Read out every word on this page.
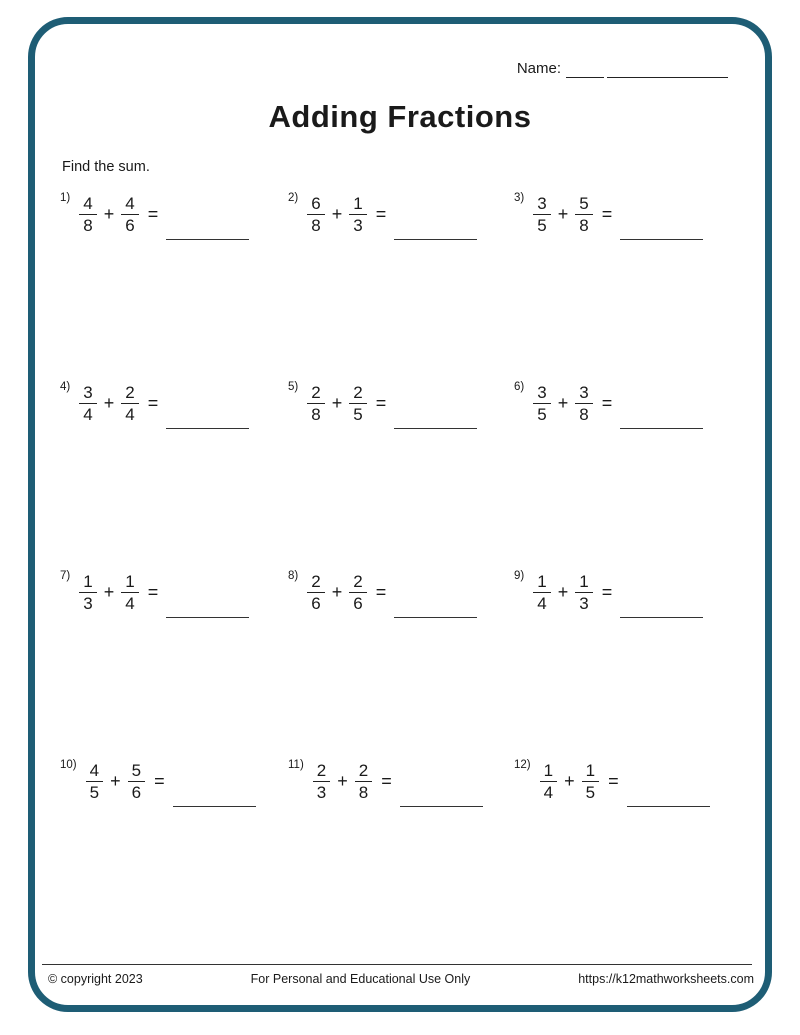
Name:
Adding Fractions
Find the sum.
$1) \frac{4}{8} + \frac{4}{6}$ =
$2) \frac{6}{8} + \frac{1}{3}$ =
$3) \frac{3}{5} + \frac{5}{8}$ =
$4) \frac{3}{4} + \frac{2}{4}$ =
$5) \frac{2}{8} + \frac{2}{5}$ =
$6) \frac{3}{5} + \frac{3}{8}$ =
$7) \frac{1}{3} + \frac{1}{4}$ =
$8) \frac{2}{6} + \frac{2}{6}$ =
$9) \frac{1}{4} + \frac{1}{3}$ =
$10) \frac{4}{5} + \frac{5}{6}$ =
$11) \frac{2}{3} + \frac{2}{8}$ =
$12) \frac{1}{4} + \frac{1}{5}$ =
© copyright 2023	For Personal and Educational Use Only	https://k12mathworksheets.com
